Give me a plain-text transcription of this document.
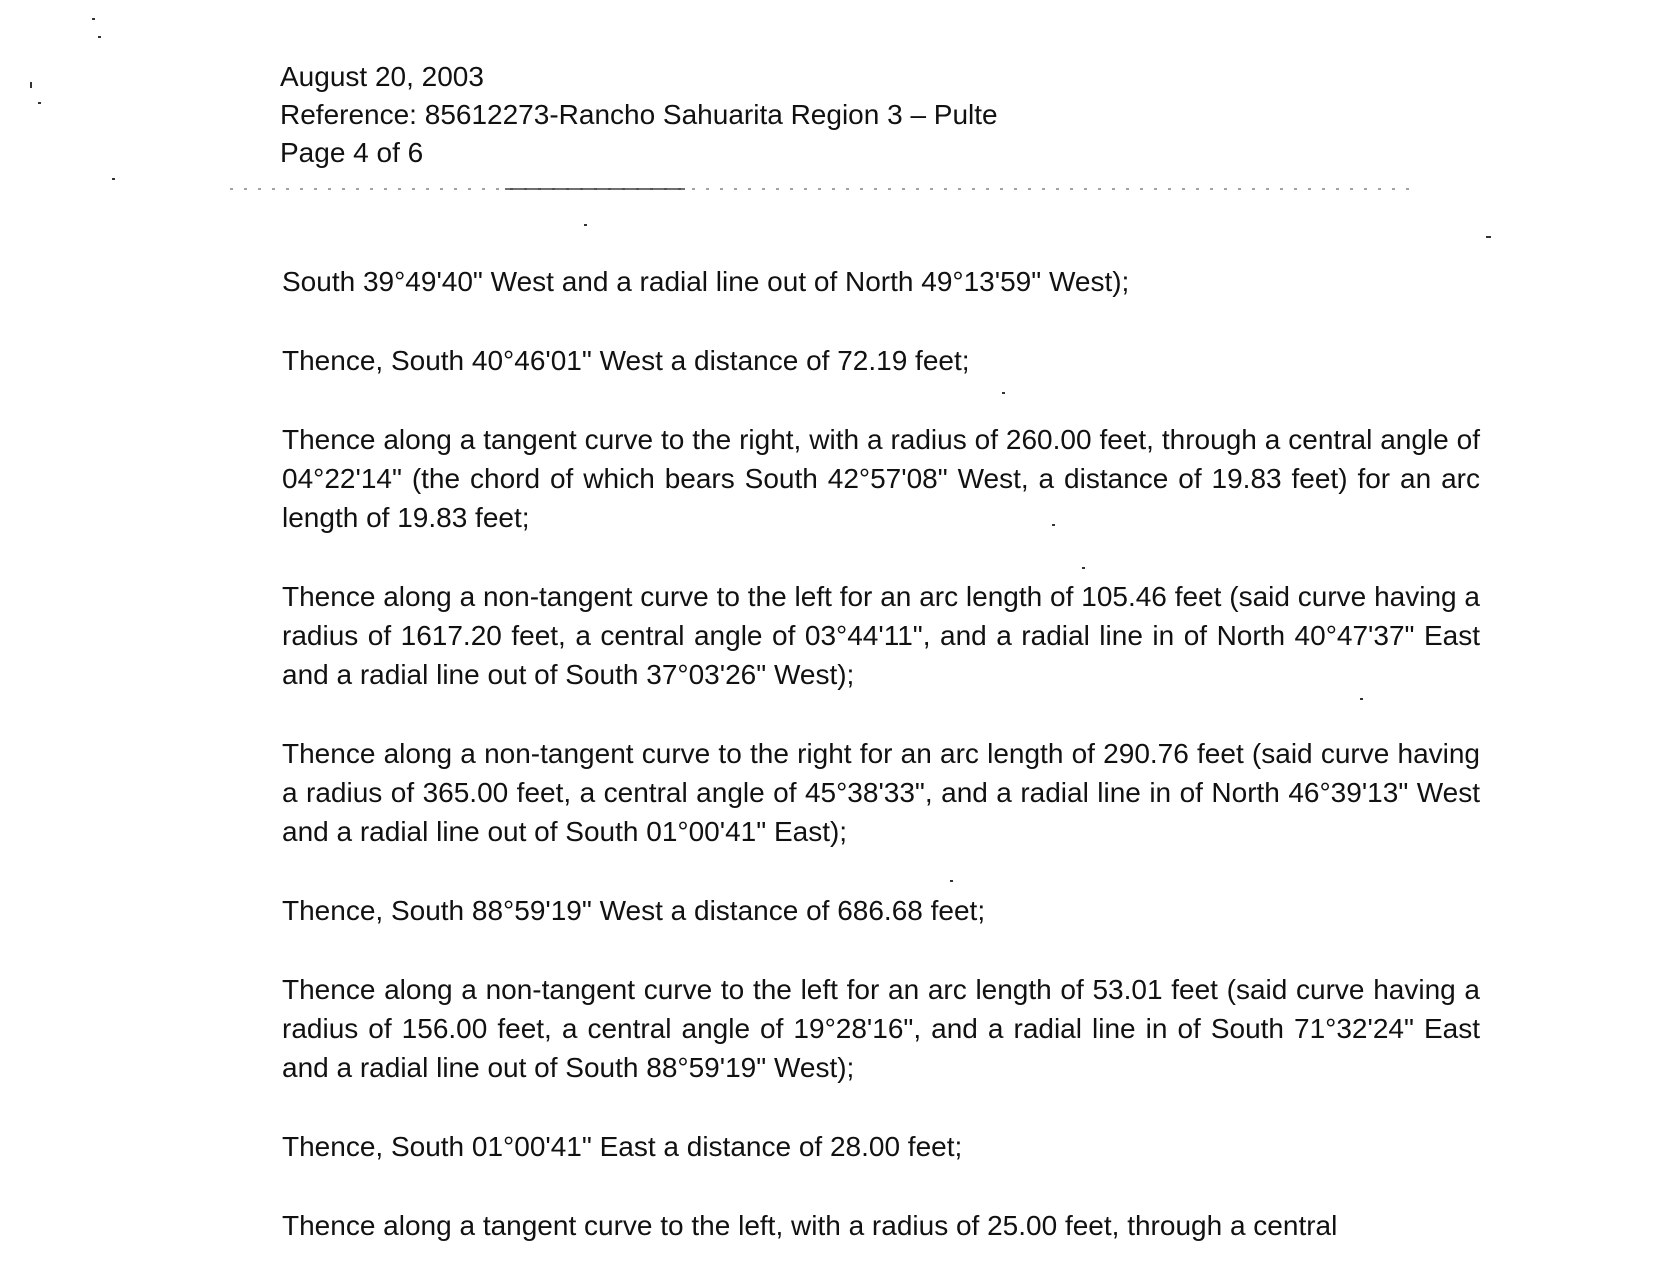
August 20, 2003
Reference: 85612273-Rancho Sahuarita Region 3 – Pulte
Page 4 of 6

South 39°49'40" West and a radial line out of North 49°13'59" West);

Thence, South 40°46'01" West a distance of 72.19 feet;

Thence along a tangent curve to the right, with a radius of 260.00 feet, through a central angle of 04°22'14" (the chord of which bears South 42°57'08" West, a distance of 19.83 feet) for an arc length of 19.83 feet;

Thence along a non-tangent curve to the left for an arc length of 105.46 feet (said curve having a radius of 1617.20 feet, a central angle of 03°44'11", and a radial line in of North 40°47'37" East and a radial line out of South 37°03'26" West);

Thence along a non-tangent curve to the right for an arc length of 290.76 feet (said curve having a radius of 365.00 feet, a central angle of 45°38'33", and a radial line in of North 46°39'13" West and a radial line out of South 01°00'41" East);

Thence, South 88°59'19" West a distance of 686.68 feet;

Thence along a non-tangent curve to the left for an arc length of 53.01 feet (said curve having a radius of 156.00 feet, a central angle of 19°28'16", and a radial line in of South 71°32'24" East and a radial line out of South 88°59'19" West);

Thence, South 01°00'41" East a distance of 28.00 feet;

Thence along a tangent curve to the left, with a radius of 25.00 feet, through a central
